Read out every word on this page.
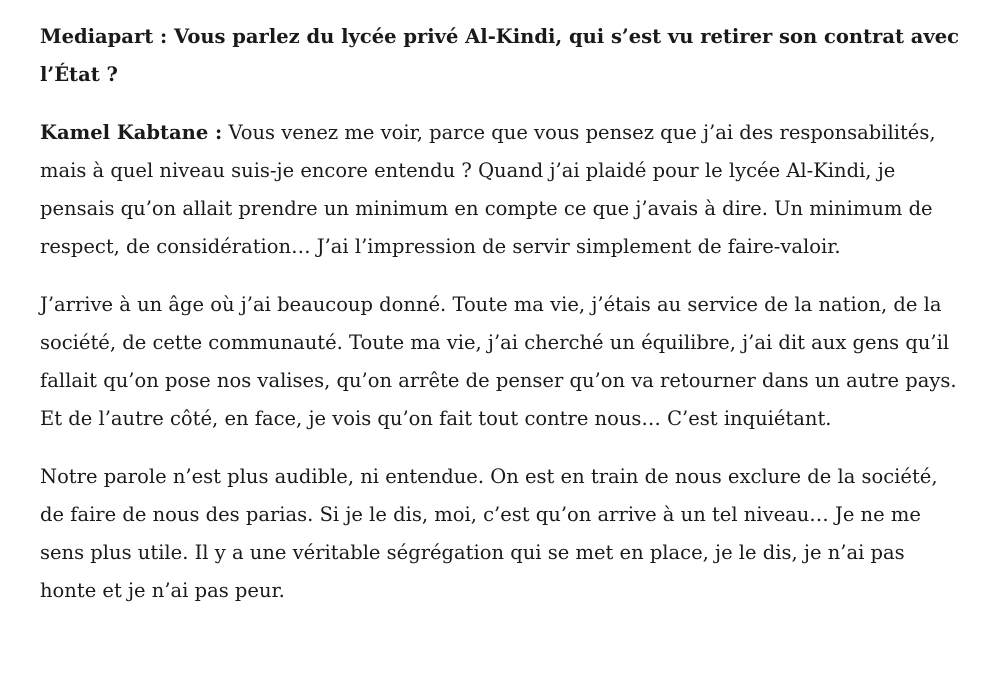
Mediapart : Vous parlez du lycée privé Al-Kindi, qui s’est vu retirer son contrat avec l’État ?

Kamel Kabtane : Vous venez me voir, parce que vous pensez que j’ai des responsabilités, mais à quel niveau suis-je encore entendu ? Quand j’ai plaidé pour le lycée Al-Kindi, je pensais qu’on allait prendre un minimum en compte ce que j’avais à dire. Un minimum de respect, de considération… J’ai l’impression de servir simplement de faire-valoir.

J’arrive à un âge où j’ai beaucoup donné. Toute ma vie, j’étais au service de la nation, de la société, de cette communauté. Toute ma vie, j’ai cherché un équilibre, j’ai dit aux gens qu’il fallait qu’on pose nos valises, qu’on arrête de penser qu’on va retourner dans un autre pays. Et de l’autre côté, en face, je vois qu’on fait tout contre nous… C’est inquiétant.

Notre parole n’est plus audible, ni entendue. On est en train de nous exclure de la société, de faire de nous des parias. Si je le dis, moi, c’est qu’on arrive à un tel niveau… Je ne me sens plus utile. Il y a une véritable ségrégation qui se met en place, je le dis, je n’ai pas honte et je n’ai pas peur.
